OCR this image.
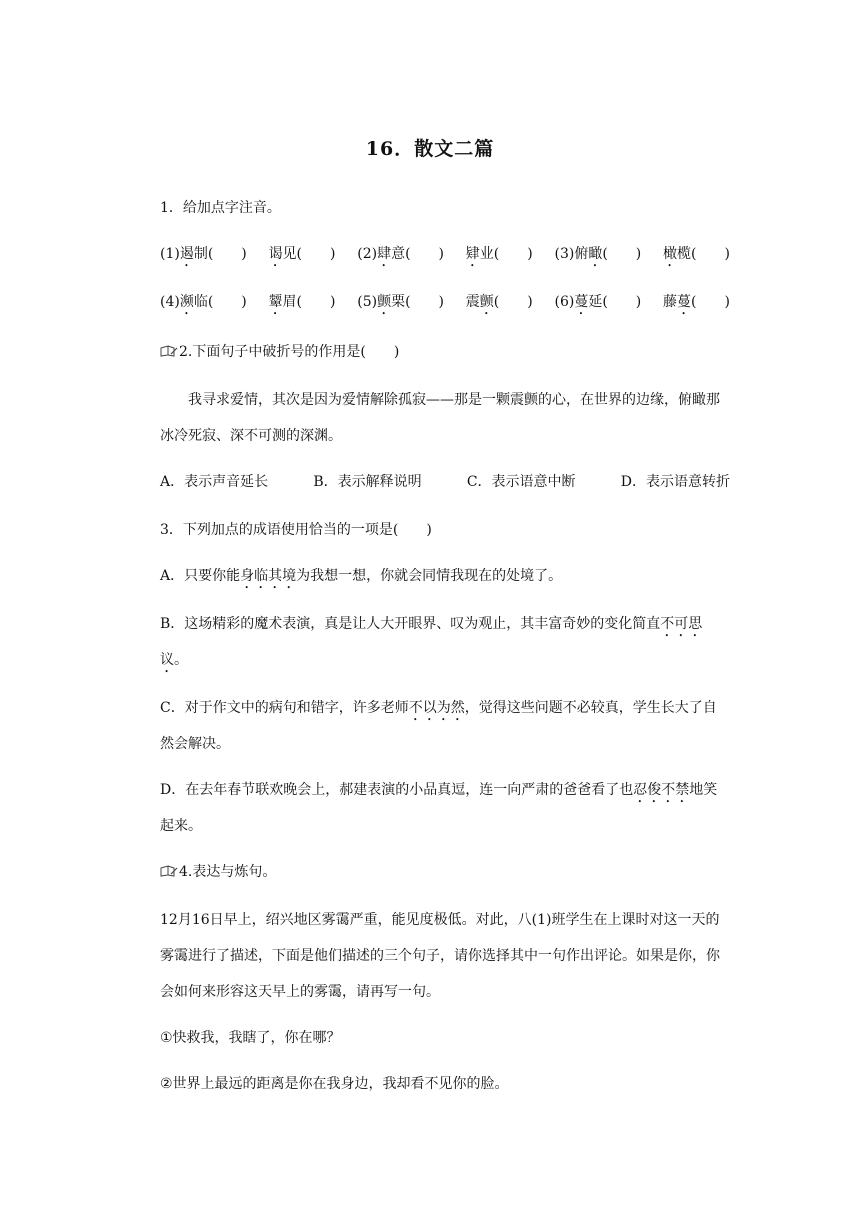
16．散文二篇
1．给加点字注音。
(1)遏制(　　) 谒见(　　) (2)肆意(　　) 肄业(　　) (3)俯瞰(　　) 橄榄(　　)
(4)濒临(　　) 颦眉(　　) (5)颤栗(　　) 震颤(　　) (6)蔓延(　　) 藤蔓(　　)
2.下面句子中破折号的作用是(　　)
我寻求爱情，其次是因为爱情解除孤寂——那是一颗震颤的心，在世界的边缘，俯瞰那冰冷死寂、深不可测的深渊。
A．表示声音延长	B．表示解释说明	C．表示语意中断	D．表示语意转折
3．下列加点的成语使用恰当的一项是(　　)
A．只要你能身临其境为我想一想，你就会同情我现在的处境了。
B．这场精彩的魔术表演，真是让人大开眼界、叹为观止，其丰富奇妙的变化简直不可思议。
C．对于作文中的病句和错字，许多老师不以为然，觉得这些问题不必较真，学生长大了自然会解决。
D．在去年春节联欢晚会上，郝建表演的小品真逗，连一向严肃的爸爸看了也忍俊不禁地笑起来。
4.表达与炼句。
12月16日早上，绍兴地区雾霭严重，能见度极低。对此，八(1)班学生在上课时对这一天的雾霭进行了描述，下面是他们描述的三个句子，请你选择其中一句作出评论。如果是你，你会如何来形容这天早上的雾霭，请再写一句。
①快救我，我瞎了，你在哪？
②世界上最远的距离是你在我身边，我却看不见你的脸。
